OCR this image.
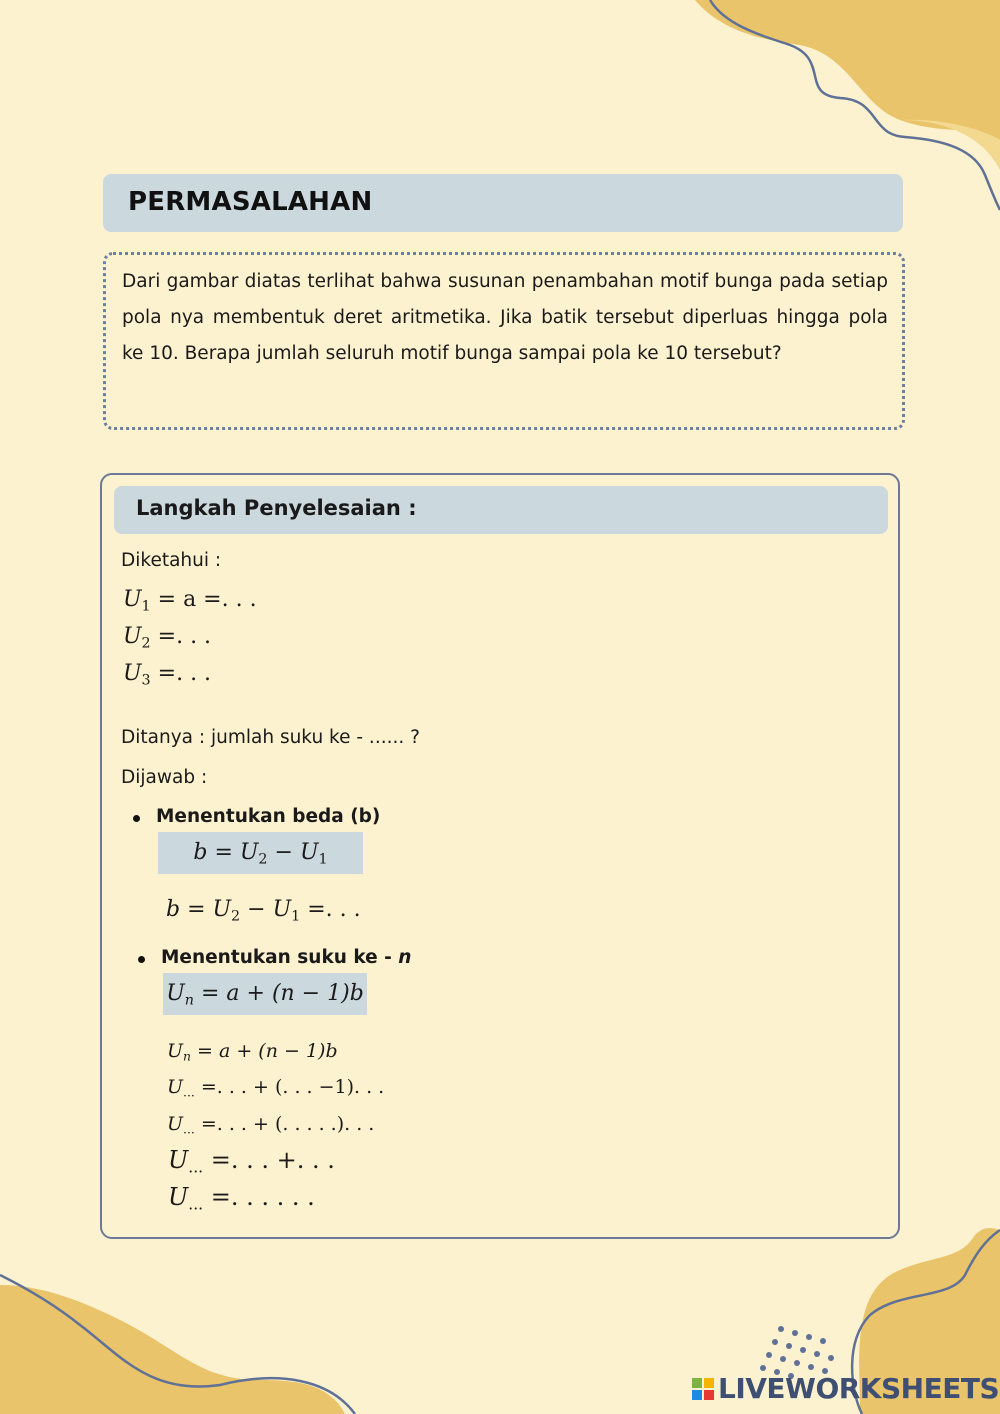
PERMASALAHAN

Dari gambar diatas terlihat bahwa susunan penambahan motif bunga pada setiap pola nya membentuk deret aritmetika. Jika batik tersebut diperluas hingga pola ke 10. Berapa jumlah seluruh motif bunga sampai pola ke 10 tersebut?

Langkah Penyelesaian :
Diketahui :
$U_1 = a$ =. . .
$U_2$ =. . .
$U_3$ =. . .
Ditanya : jumlah suku ke - ...... ?
Dijawab :
Menentukan beda (b)
$b = U_2 - U_1$
$b = U_2 - U_1$ =. . .
Menentukan suku ke - n
$U_n = a + (n - 1)b$
$U_n = a + (n - 1)b$
$U_{...}$ =. . . + (. . . −1). . .
$U_{...}$ =. . . + (. . . . .). . .
$U_{...}$ =. . . +. . .
$U_{...}$ =. . . . . .
LIVEWORKSHEETS
